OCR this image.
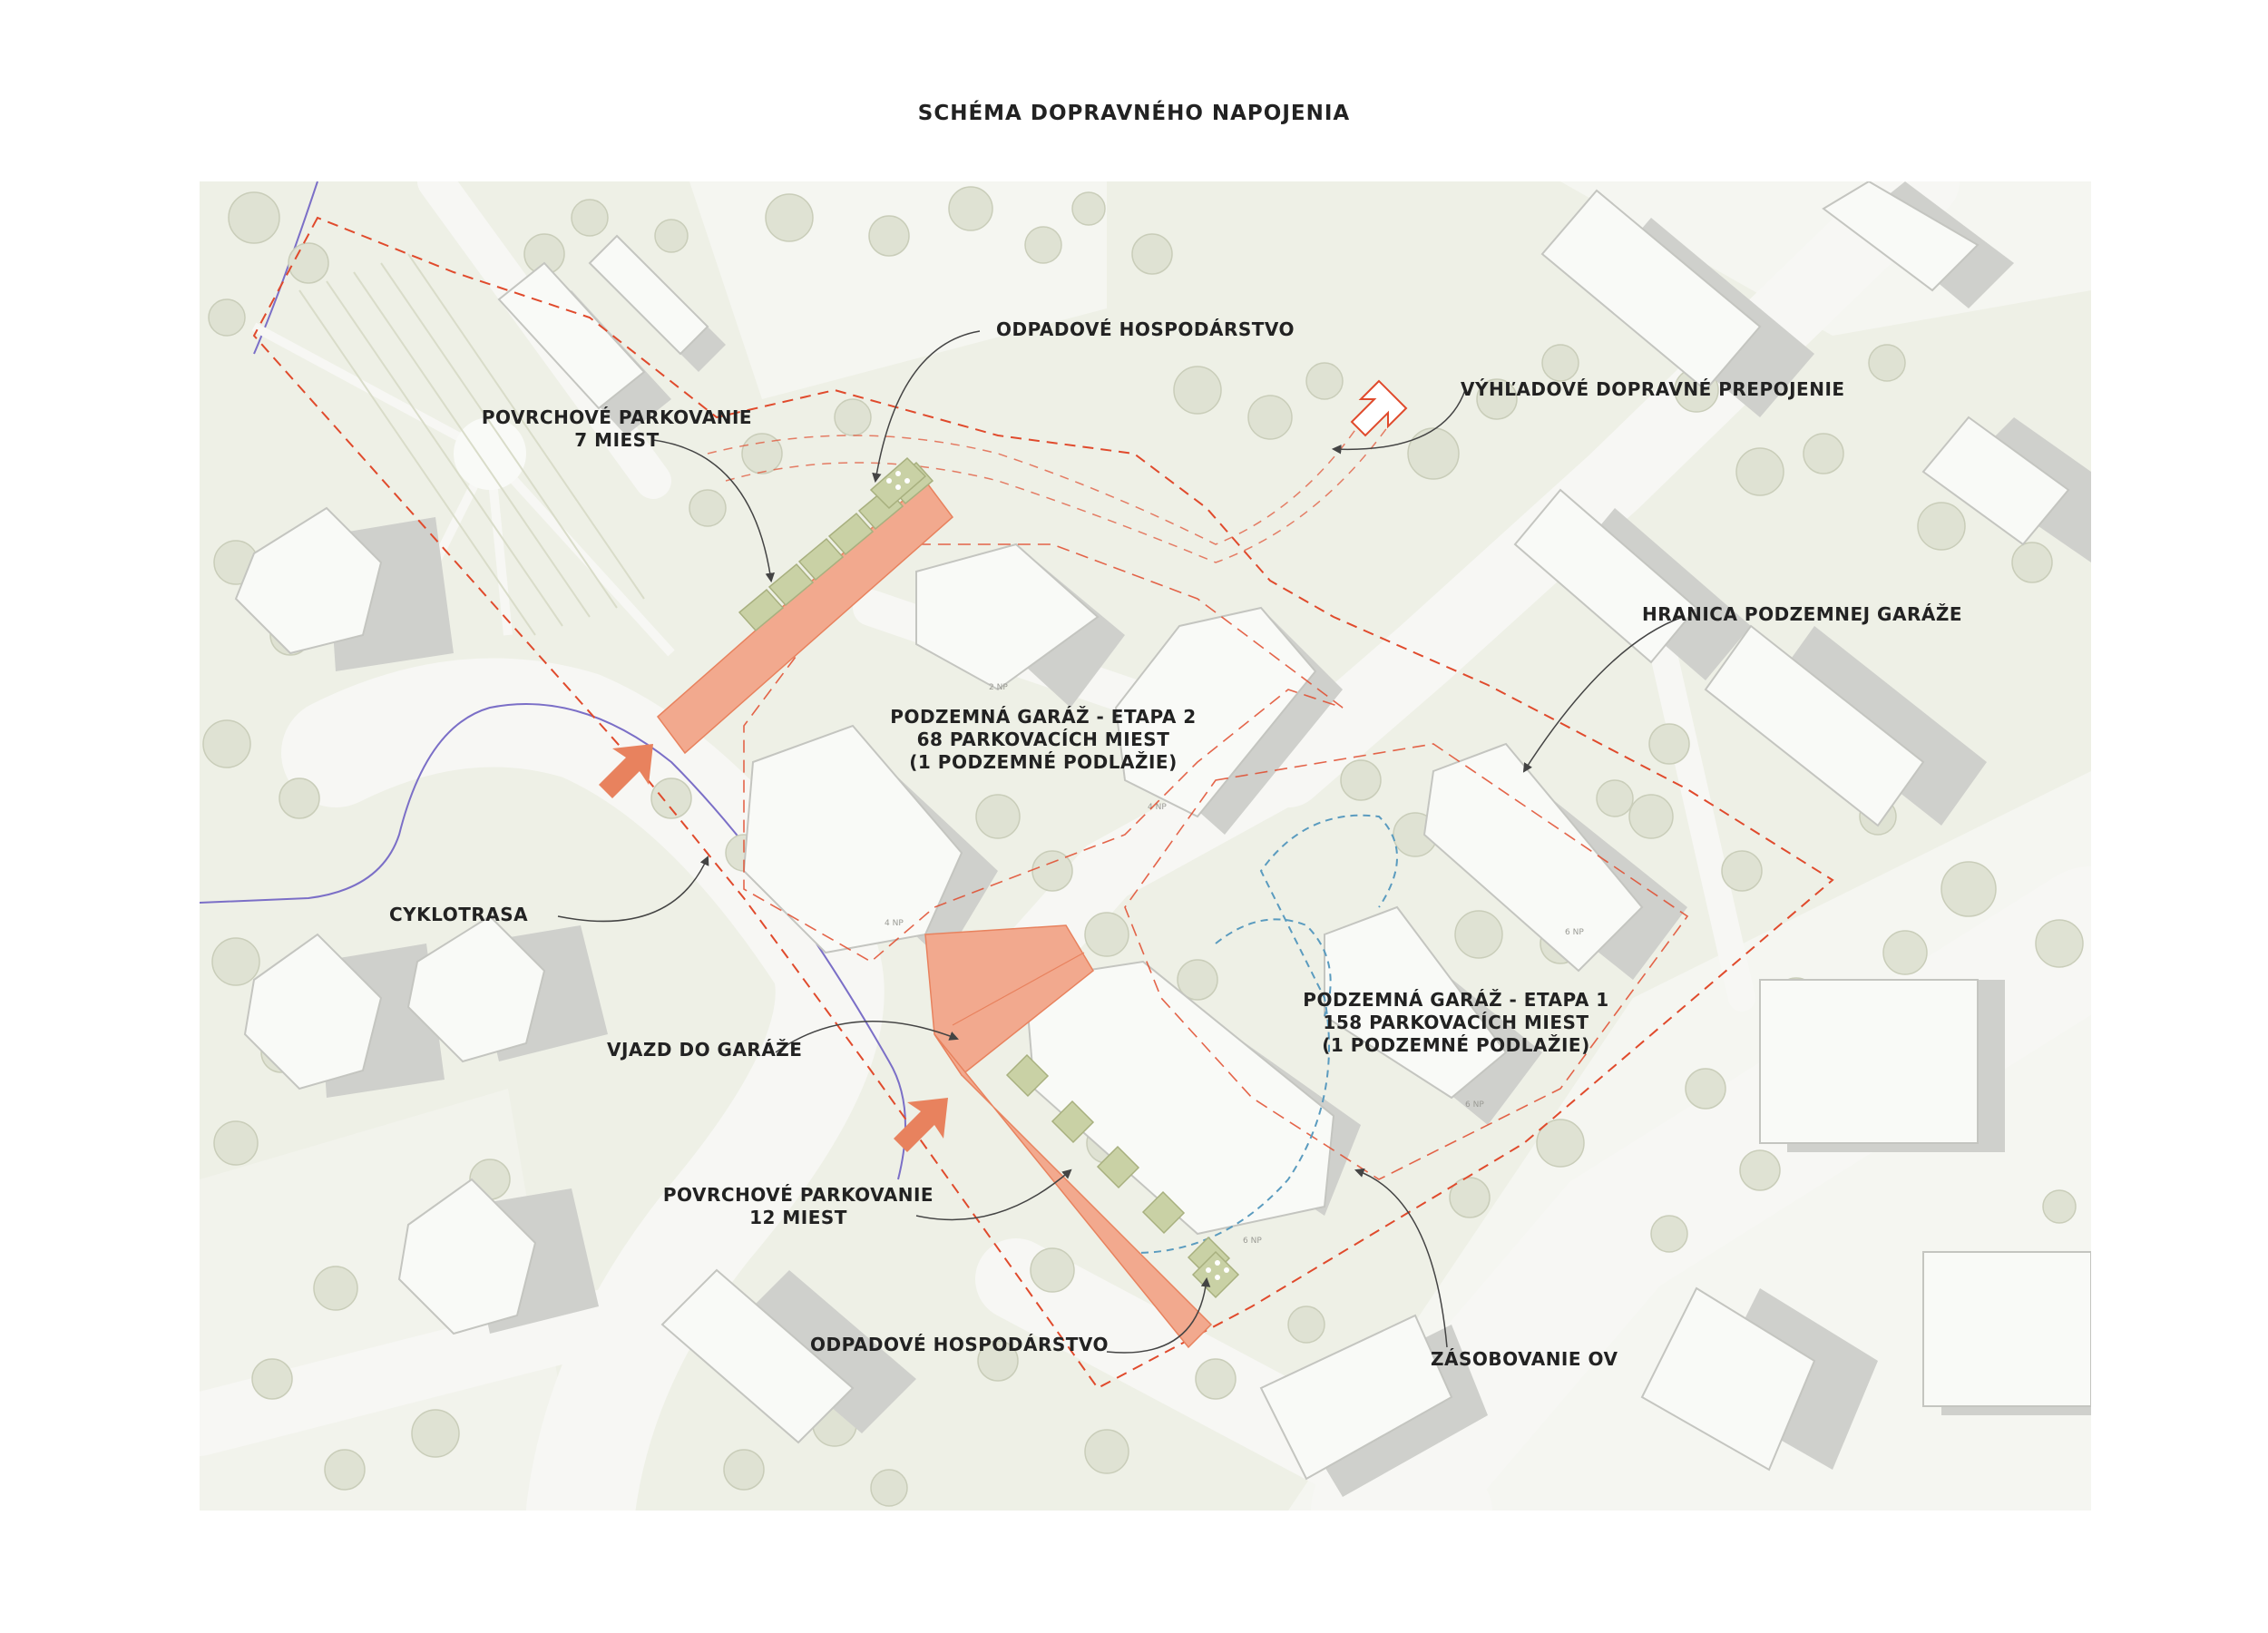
SCHÉMA DOPRAVNÉHO NAPOJENIA
2 NP
4 NP
4 NP
6 NP
6 NP
6 NP
ODPADOVÉ HOSPODÁRSTVO
POVRCHOVÉ PARKOVANIE
7 MIEST
VÝHĽADOVÉ DOPRAVNÉ PREPOJENIE
HRANICA PODZEMNEJ GARÁŽE
PODZEMNÁ GARÁŽ - ETAPA 2
68 PARKOVACÍCH MIEST
(1 PODZEMNÉ PODLAŽIE)
CYKLOTRASA
PODZEMNÁ GARÁŽ - ETAPA 1
158 PARKOVACÍCH MIEST
(1 PODZEMNÉ PODLAŽIE)
VJAZD DO GARÁŽE
POVRCHOVÉ PARKOVANIE
12 MIEST
ODPADOVÉ HOSPODÁRSTVO
ZÁSOBOVANIE OV
